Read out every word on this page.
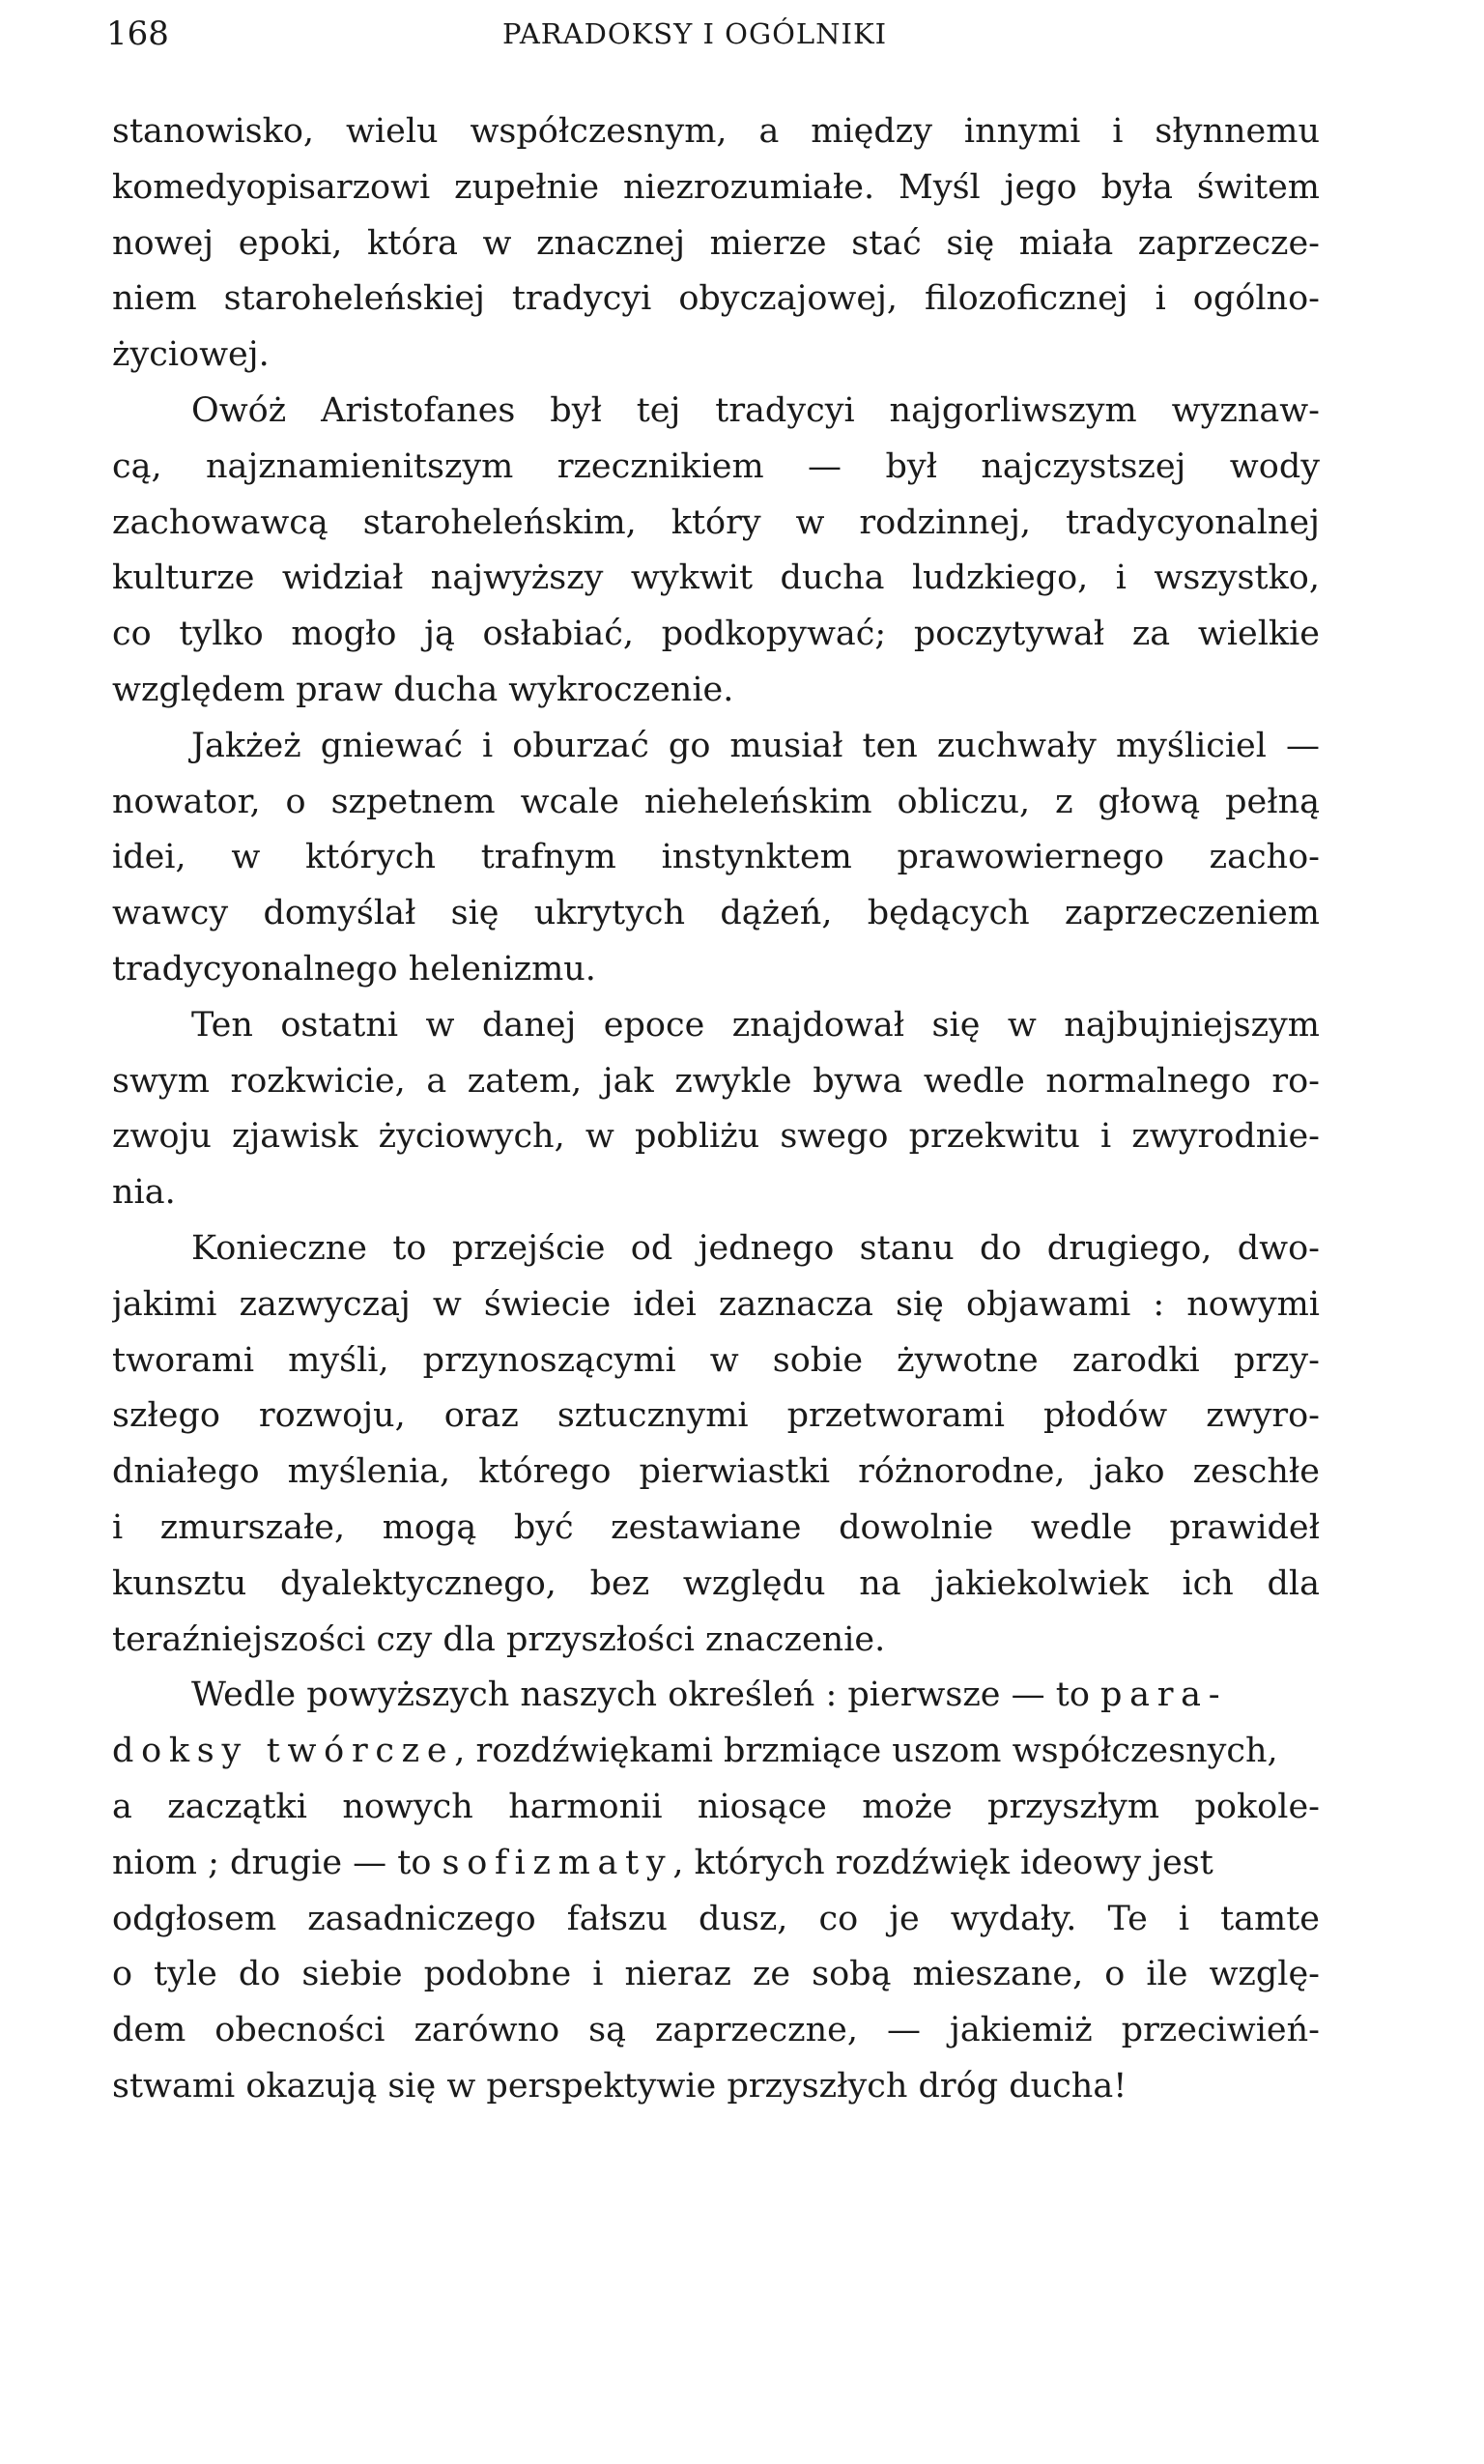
168	PARADOKSY I OGÓLNIKI
stanowisko, wielu współczesnym, a między innymi i słynnemu
komedyopisarzowi zupełnie niezrozumiałe. Myśl jego była świtem
nowej epoki, która w znacznej mierze stać się miała zaprzecze-
niem staroheleńskiej tradycyi obyczajowej, filozoficznej i ogólno-
życiowej.
Owóż Aristofanes był tej tradycyi najgorliwszym wyznaw-
cą, najznamienitszym rzecznikiem — był najczystszej wody
zachowawcą staroheleńskim, który w rodzinnej, tradycyonalnej
kulturze widział najwyższy wykwit ducha ludzkiego, i wszystko,
co tylko mogło ją osłabiać, podkopywać; poczytywał za wielkie
względem praw ducha wykroczenie.
Jakżeż gniewać i oburzać go musiał ten zuchwały myśliciel —
nowator, o szpetnem wcale nieheleńskim obliczu, z głową pełną
idei, w których trafnym instynktem prawowiernego zacho-
wawcy domyślał się ukrytych dążeń, będących zaprzeczeniem
tradycyonalnego helenizmu.
Ten ostatni w danej epoce znajdował się w najbujniejszym
swym rozkwicie, a zatem, jak zwykle bywa wedle normalnego ro-
zwoju zjawisk życiowych, w pobliżu swego przekwitu i zwyrodnie-
nia.
Konieczne to przejście od jednego stanu do drugiego, dwo-
jakimi zazwyczaj w świecie idei zaznacza się objawami : nowymi
tworami myśli, przynoszącymi w sobie żywotne zarodki przy-
szłego rozwoju, oraz sztucznymi przetworami płodów zwyro-
dniałego myślenia, którego pierwiastki różnorodne, jako zeschłe
i zmurszałe, mogą być zestawiane dowolnie wedle prawideł
kunsztu dyalektycznego, bez względu na jakiekolwiek ich dla
teraźniejszości czy dla przyszłości znaczenie.
Wedle powyższych naszych określeń : pierwsze — to para-
doksy twórcze, rozdźwiękami brzmiące uszom współczesnych,
a zaczątki nowych harmonii niosące może przyszłym pokole-
niom ; drugie — to sofizmaty, których rozdźwięk ideowy jest
odgłosem zasadniczego fałszu dusz, co je wydały. Te i tamte
o tyle do siebie podobne i nieraz ze sobą mieszane, o ile wzglę-
dem obecności zarówno są zaprzeczne, — jakiemiż przeciwień-
stwami okazują się w perspektywie przyszłych dróg ducha!
